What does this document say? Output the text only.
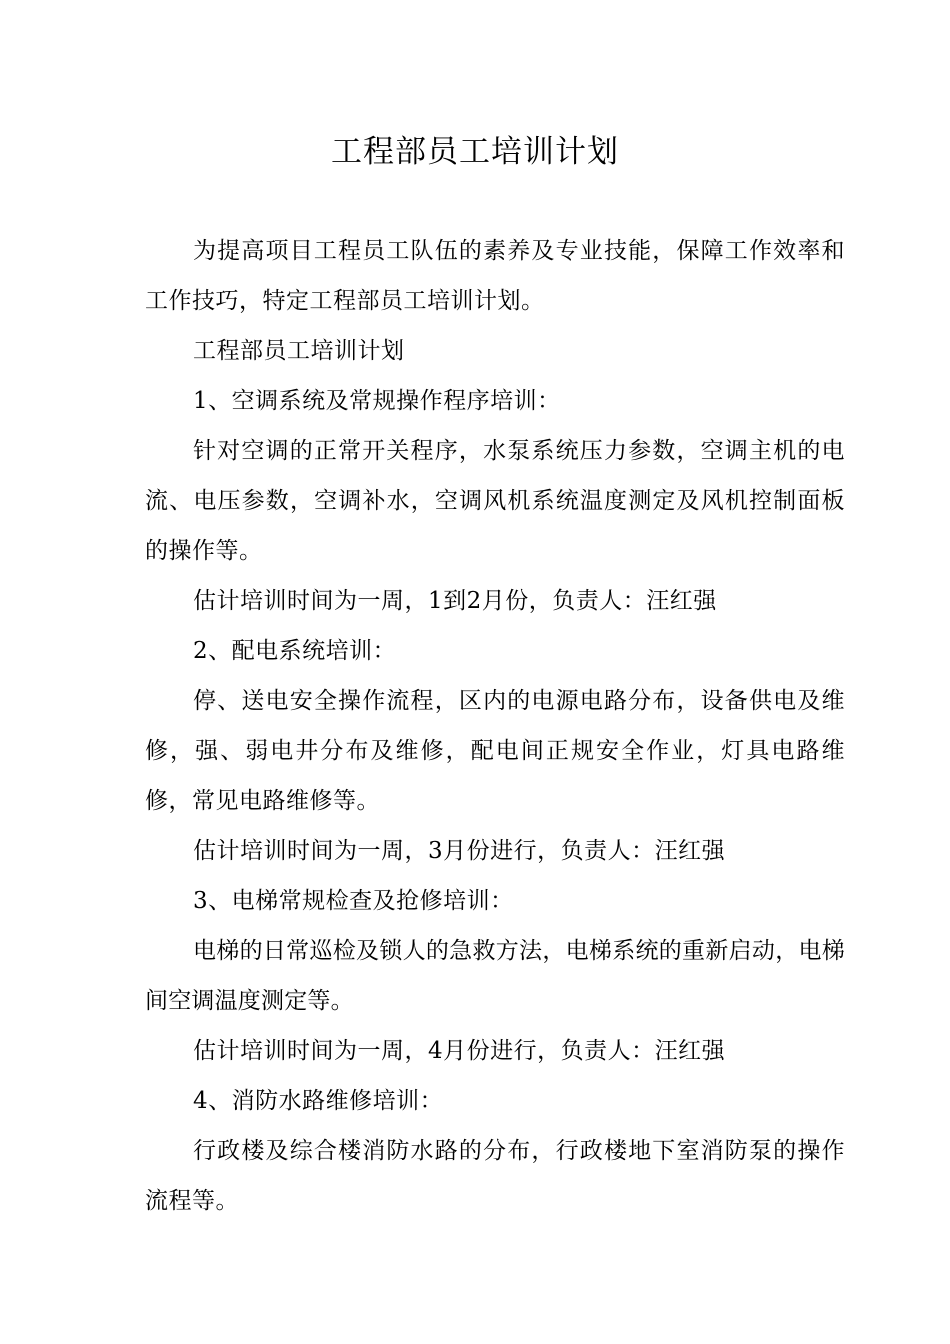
工程部员工培训计划

为提高项目工程员工队伍的素养及专业技能，保障工作效率和工作技巧，特定工程部员工培训计划。

工程部员工培训计划

1、空调系统及常规操作程序培训：

针对空调的正常开关程序，水泵系统压力参数，空调主机的电流、电压参数，空调补水，空调风机系统温度测定及风机控制面板的操作等。

估计培训时间为一周，1到2月份，负责人：汪红强

2、配电系统培训：

停、送电安全操作流程，区内的电源电路分布，设备供电及维修，强、弱电井分布及维修，配电间正规安全作业，灯具电路维修，常见电路维修等。

估计培训时间为一周，3月份进行，负责人：汪红强

3、电梯常规检查及抢修培训：

电梯的日常巡检及锁人的急救方法，电梯系统的重新启动，电梯间空调温度测定等。

估计培训时间为一周，4月份进行，负责人：汪红强

4、消防水路维修培训：

行政楼及综合楼消防水路的分布，行政楼地下室消防泵的操作流程等。
